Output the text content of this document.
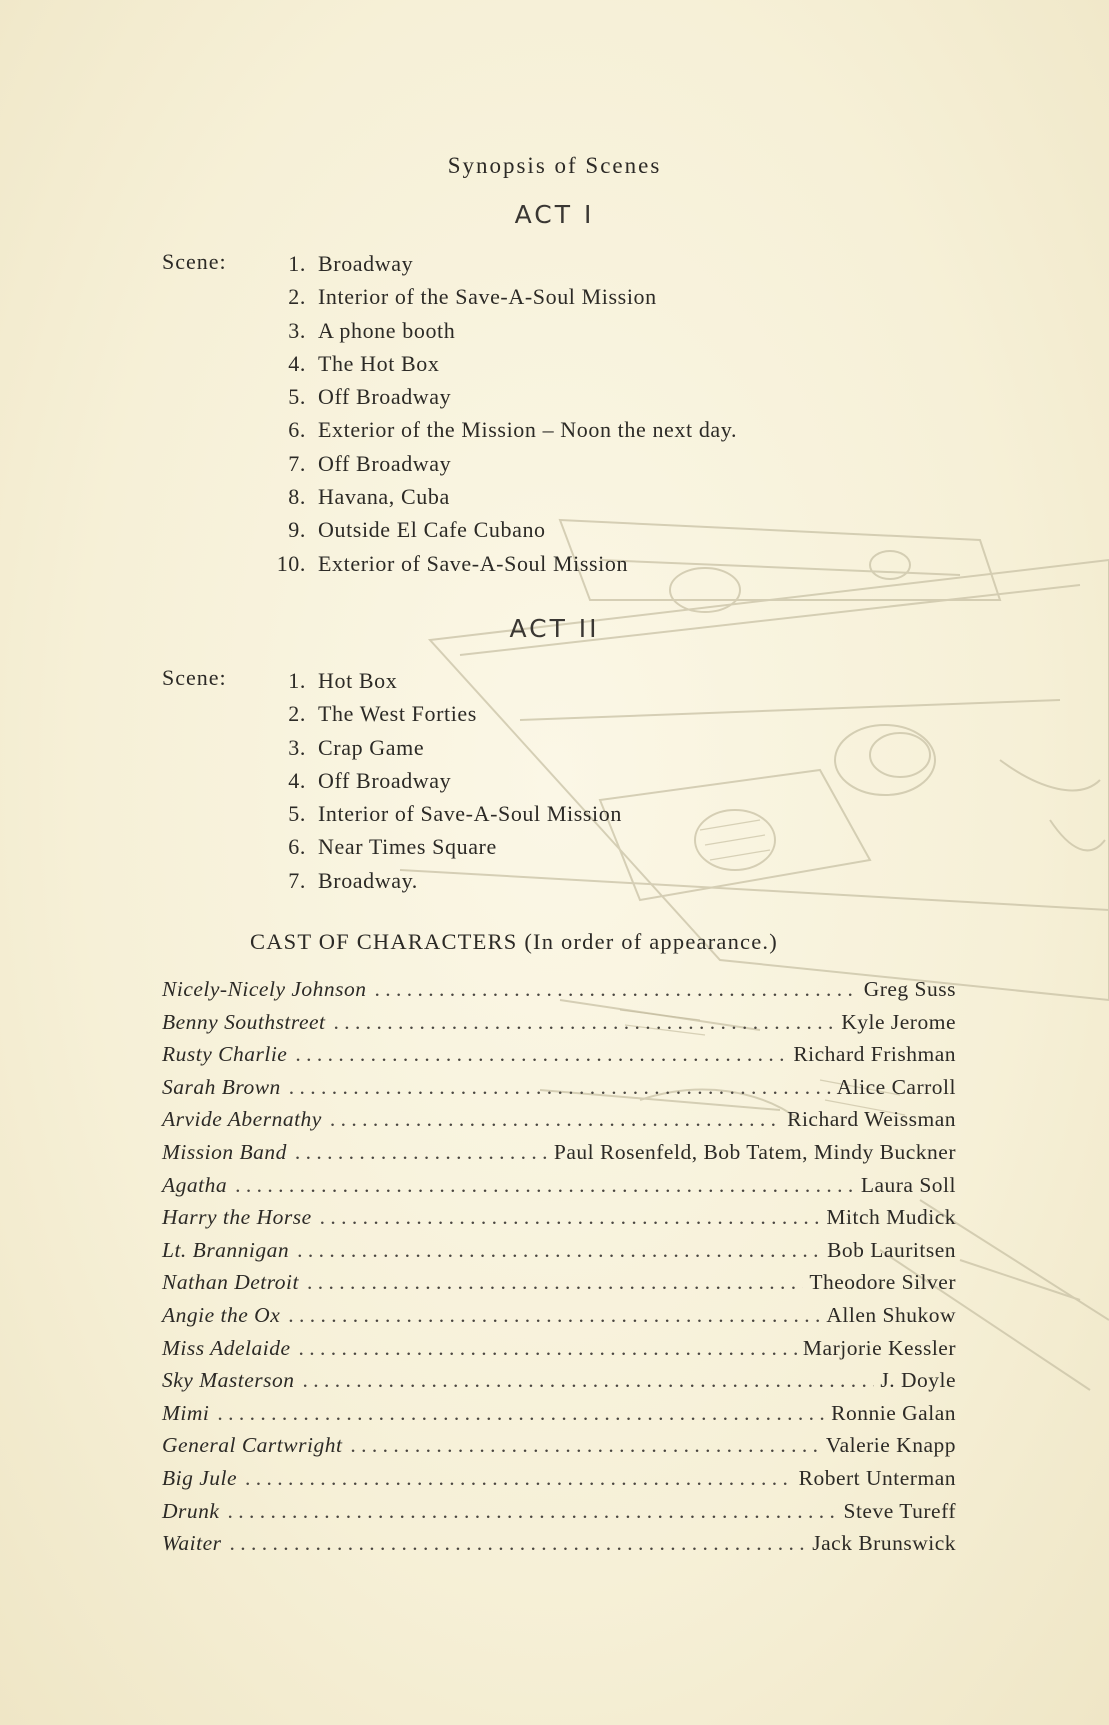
Synopsis of Scenes
ACT I
Scene:	1. Broadway
2. Interior of the Save-A-Soul Mission
3. A phone booth
4. The Hot Box
5. Off Broadway
6. Exterior of the Mission – Noon the next day.
7. Off Broadway
8. Havana, Cuba
9. Outside El Cafe Cubano
10. Exterior of Save-A-Soul Mission
ACT II
Scene:	1. Hot Box
2. The West Forties
3. Crap Game
4. Off Broadway
5. Interior of Save-A-Soul Mission
6. Near Times Square
7. Broadway.
CAST OF CHARACTERS (In order of appearance.)
Nicely-Nicely Johnson . . .	Greg Suss
Benny Southstreet . . .	Kyle Jerome
Rusty Charlie . . .	Richard Frishman
Sarah Brown . . .	Alice Carroll
Arvide Abernathy . . .	Richard Weissman
Mission Band . . .	Paul Rosenfeld, Bob Tatem, Mindy Buckner
Agatha . . .	Laura Soll
Harry the Horse . . .	Mitch Mudick
Lt. Brannigan . . .	Bob Lauritsen
Nathan Detroit . . .	Theodore Silver
Angie the Ox . . .	Allen Shukow
Miss Adelaide . . .	Marjorie Kessler
Sky Masterson . . .	J. Doyle
Mimi . . .	Ronnie Galan
General Cartwright . . .	Valerie Knapp
Big Jule . . .	Robert Unterman
Drunk . . .	Steve Tureff
Waiter . . .	Jack Brunswick
